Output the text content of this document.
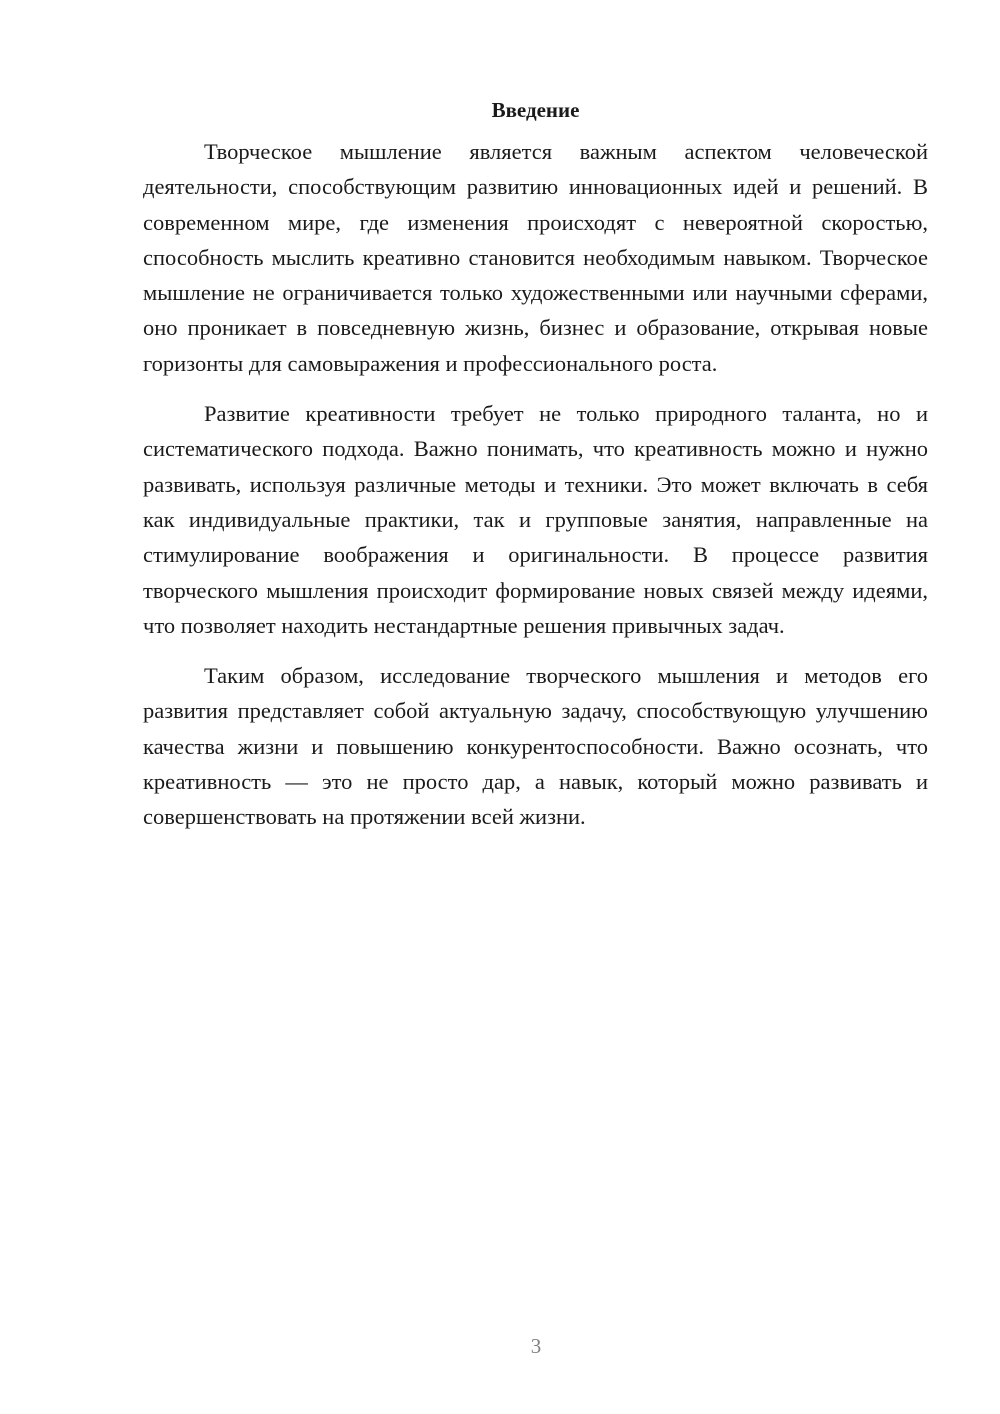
Введение

Творческое мышление является важным аспектом человеческой деятельности, способствующим развитию инновационных идей и решений. В современном мире, где изменения происходят с невероятной скоростью, способность мыслить креативно становится необходимым навыком. Творческое мышление не ограничивается только художественными или научными сферами, оно проникает в повседневную жизнь, бизнес и образование, открывая новые горизонты для самовыражения и профессионального роста.

Развитие креативности требует не только природного таланта, но и систематического подхода. Важно понимать, что креативность можно и нужно развивать, используя различные методы и техники. Это может включать в себя как индивидуальные практики, так и групповые занятия, направленные на стимулирование воображения и оригинальности. В процессе развития творческого мышления происходит формирование новых связей между идеями, что позволяет находить нестандартные решения привычных задач.

Таким образом, исследование творческого мышления и методов его развития представляет собой актуальную задачу, способствующую улучшению качества жизни и повышению конкурентоспособности. Важно осознать, что креативность — это не просто дар, а навык, который можно развивать и совершенствовать на протяжении всей жизни.

3
